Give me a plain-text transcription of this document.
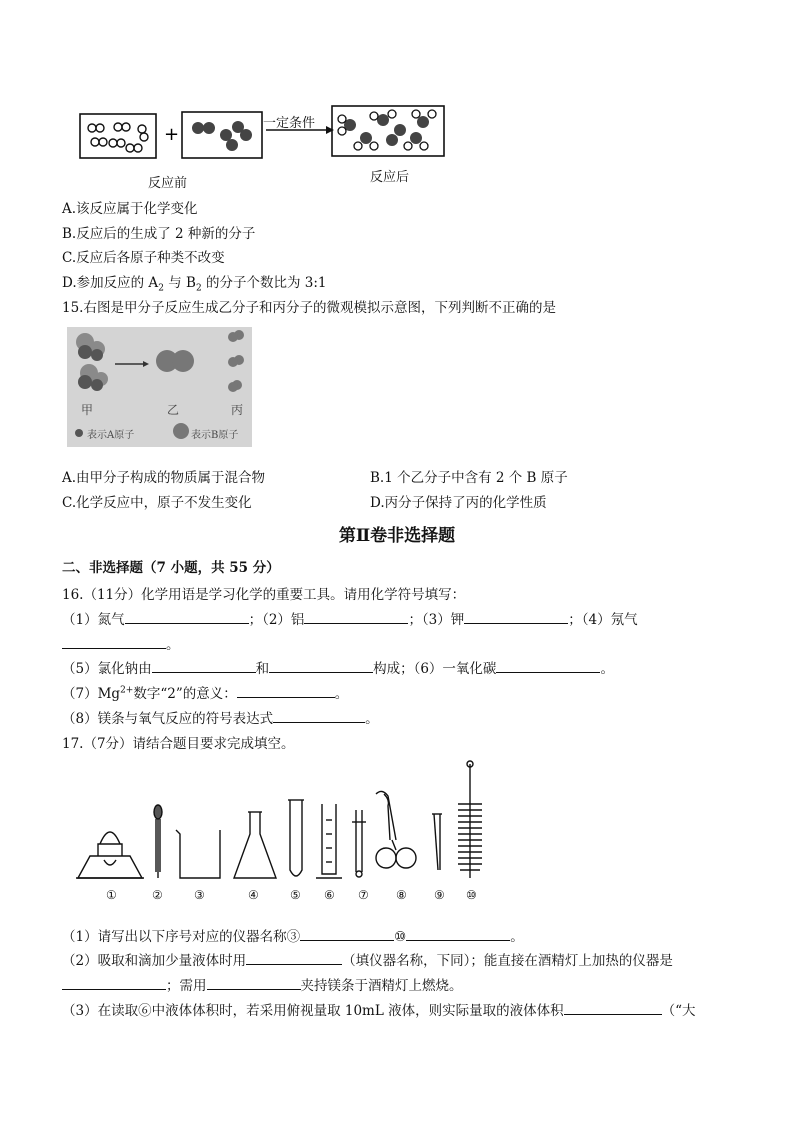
+
一定条件
反应前	反应后
A.该反应属于化学变化
B.反应后的生成了 2 种新的分子
C.反应后各原子种类不改变
D.参加反应的 $A_2$ 与 $B_2$ 的分子个数比为 3:1
15.右图是甲分子反应生成乙分子和丙分子的微观模拟示意图，下列判断不正确的是
甲	乙	丙
表示A原子	表示B原子
A.由甲分子构成的物质属于混合物	B.1 个乙分子中含有 2 个 B 原子
C.化学反应中，原子不发生变化	D.丙分子保持了丙的化学性质
第Ⅱ卷非选择题
二、非选择题（7 小题，共 55 分）
16.（11分）化学用语是学习化学的重要工具。请用化学符号填写：
（1）氮气	；（2）铝	；（3）钾	；（4）氖气
。
（5）氯化钠由	和	构成；（6）一氧化碳	。
$(7)Mg^{2+}$数字“2”的意义：	。
（8）镁条与氧气反应的符号表达式	。
17.（7分）请结合题目要求完成填空。
①	②	③	④	⑤ ⑥ ⑦ ⑧ ⑨ ⑩
（1）请写出以下序号对应的仪器名称③	⑩	。
（2）吸取和滴加少量液体时用	（填仪器名称，下同）；能直接在酒精灯上加热的仪器是
；需用	夹持镁条于酒精灯上燃烧。
（3）在读取⑥中液体体积时，若采用俯视量取 10mL 液体，则实际量取的液体体积	（“大
